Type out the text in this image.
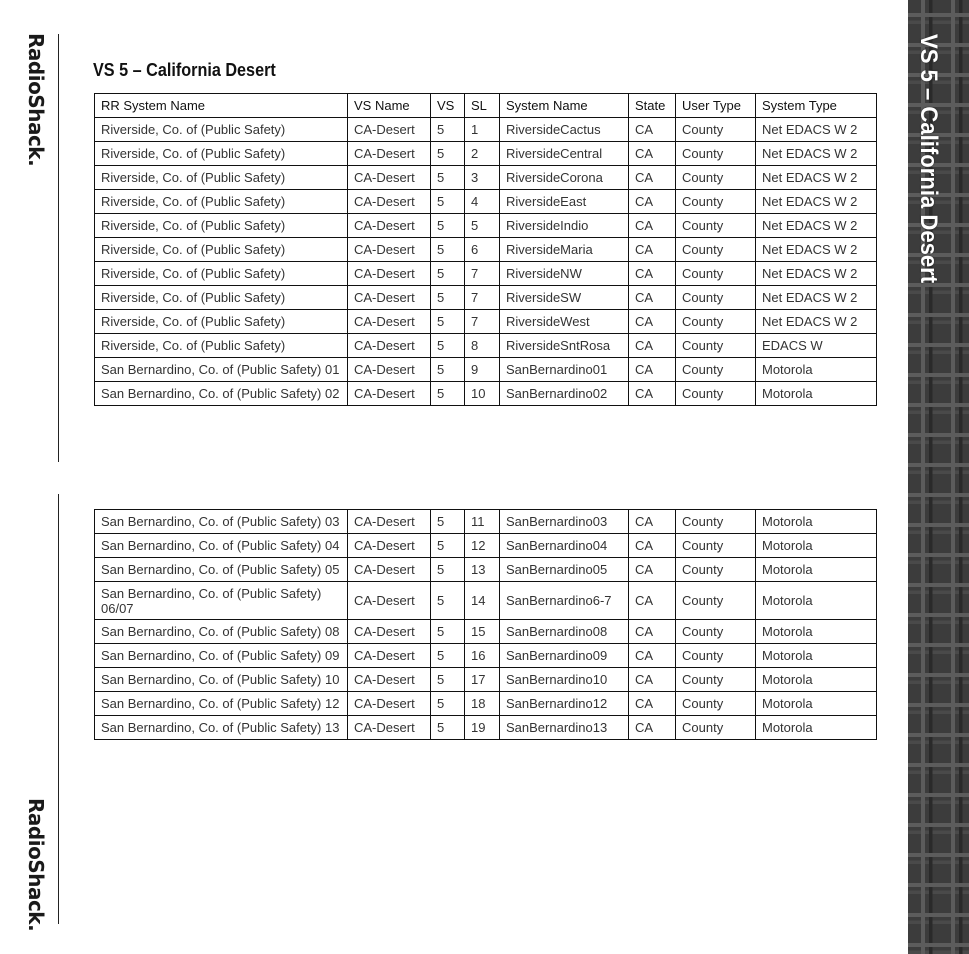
RadioShack.
RadioShack.
VS 5 – California Desert
RR System Name	VS Name	VS	SL	System Name	State	User Type	System Type
Riverside, Co. of (Public Safety)	CA-Desert	5	1	RiversideCactus	CA	County	Net EDACS W 2
Riverside, Co. of (Public Safety)	CA-Desert	5	2	RiversideCentral	CA	County	Net EDACS W 2
Riverside, Co. of (Public Safety)	CA-Desert	5	3	RiversideCorona	CA	County	Net EDACS W 2
Riverside, Co. of (Public Safety)	CA-Desert	5	4	RiversideEast	CA	County	Net EDACS W 2
Riverside, Co. of (Public Safety)	CA-Desert	5	5	RiversideIndio	CA	County	Net EDACS W 2
Riverside, Co. of (Public Safety)	CA-Desert	5	6	RiversideMaria	CA	County	Net EDACS W 2
Riverside, Co. of (Public Safety)	CA-Desert	5	7	RiversideNW	CA	County	Net EDACS W 2
Riverside, Co. of (Public Safety)	CA-Desert	5	7	RiversideSW	CA	County	Net EDACS W 2
Riverside, Co. of (Public Safety)	CA-Desert	5	7	RiversideWest	CA	County	Net EDACS W 2
Riverside, Co. of (Public Safety)	CA-Desert	5	8	RiversideSntRosa	CA	County	EDACS W
San Bernardino, Co. of (Public Safety) 01	CA-Desert	5	9	SanBernardino01	CA	County	Motorola
San Bernardino, Co. of (Public Safety) 02	CA-Desert	5	10	SanBernardino02	CA	County	Motorola
San Bernardino, Co. of (Public Safety) 03	CA-Desert	5	11	SanBernardino03	CA	County	Motorola
San Bernardino, Co. of (Public Safety) 04	CA-Desert	5	12	SanBernardino04	CA	County	Motorola
San Bernardino, Co. of (Public Safety) 05	CA-Desert	5	13	SanBernardino05	CA	County	Motorola
San Bernardino, Co. of (Public Safety) 06/07	CA-Desert	5	14	SanBernardino6-7	CA	County	Motorola
San Bernardino, Co. of (Public Safety) 08	CA-Desert	5	15	SanBernardino08	CA	County	Motorola
San Bernardino, Co. of (Public Safety) 09	CA-Desert	5	16	SanBernardino09	CA	County	Motorola
San Bernardino, Co. of (Public Safety) 10	CA-Desert	5	17	SanBernardino10	CA	County	Motorola
San Bernardino, Co. of (Public Safety) 12	CA-Desert	5	18	SanBernardino12	CA	County	Motorola
San Bernardino, Co. of (Public Safety) 13	CA-Desert	5	19	SanBernardino13	CA	County	Motorola
VS 5 – California Desert
